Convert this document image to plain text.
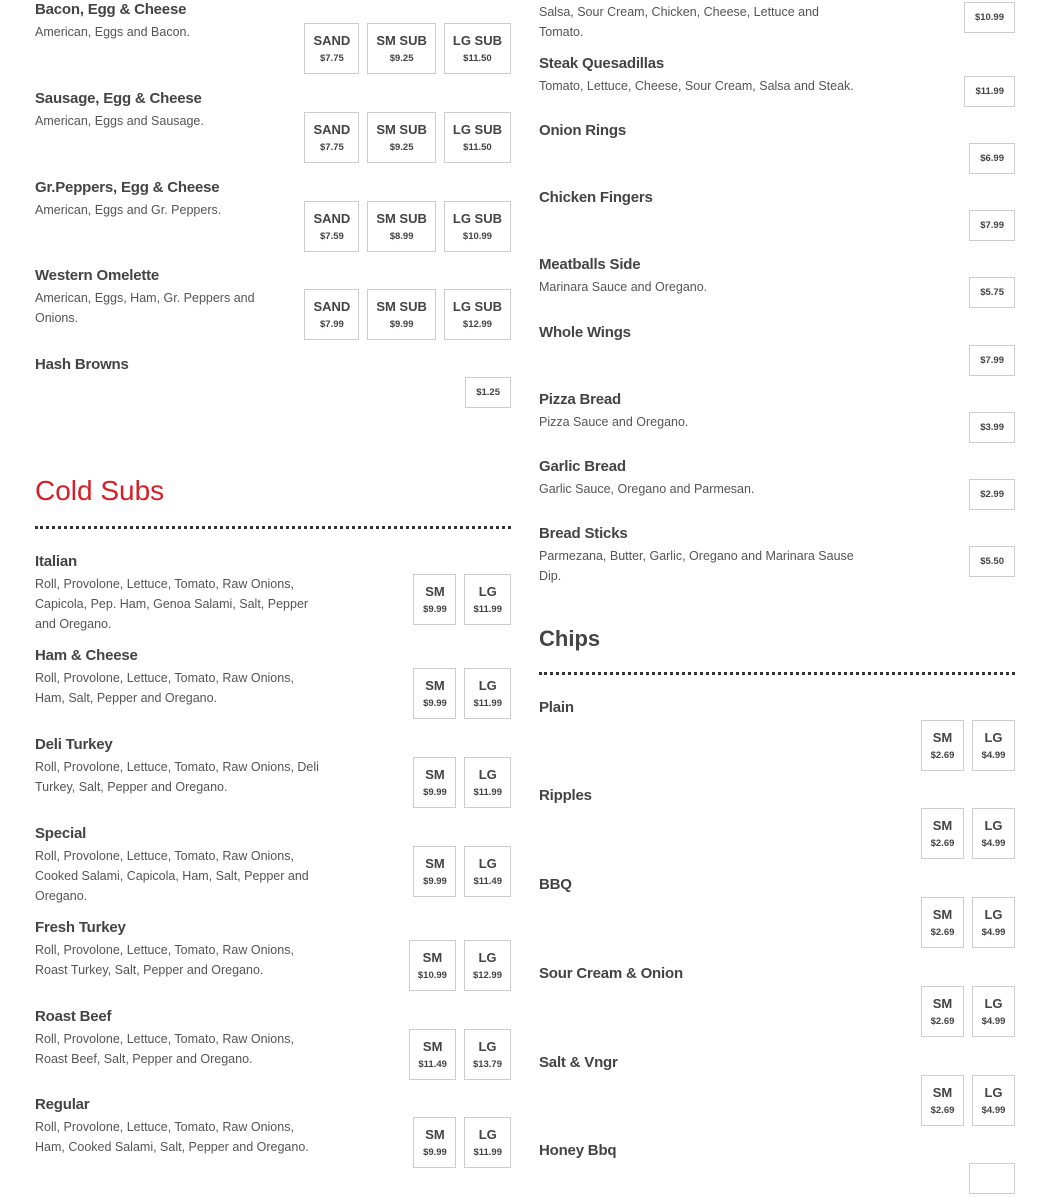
Bacon, Egg & Cheese
American, Eggs and Bacon.
SAND
$7.75
SM SUB
$9.25
LG SUB
$11.50
Sausage, Egg & Cheese
American, Eggs and Sausage.
SAND
$7.75
SM SUB
$9.25
LG SUB
$11.50
Gr.Peppers, Egg & Cheese
American, Eggs and Gr. Peppers.
SAND
$7.59
SM SUB
$8.99
LG SUB
$10.99
Western Omelette
American, Eggs, Ham, Gr. Peppers and Onions.
SAND
$7.99
SM SUB
$9.99
LG SUB
$12.99
Hash Browns
$1.25
Cold Subs
Italian
Roll, Provolone, Lettuce, Tomato, Raw Onions, Capicola, Pep. Ham, Genoa Salami, Salt, Pepper and Oregano.
SM
$9.99
LG
$11.99
Ham & Cheese
Roll, Provolone, Lettuce, Tomato, Raw Onions, Ham, Salt, Pepper and Oregano.
SM
$9.99
LG
$11.99
Deli Turkey
Roll, Provolone, Lettuce, Tomato, Raw Onions, Deli Turkey, Salt, Pepper and Oregano.
SM
$9.99
LG
$11.99
Special
Roll, Provolone, Lettuce, Tomato, Raw Onions, Cooked Salami, Capicola, Ham, Salt, Pepper and Oregano.
SM
$9.99
LG
$11.49
Fresh Turkey
Roll, Provolone, Lettuce, Tomato, Raw Onions, Roast Turkey, Salt, Pepper and Oregano.
SM
$10.99
LG
$12.99
Roast Beef
Roll, Provolone, Lettuce, Tomato, Raw Onions, Roast Beef, Salt, Pepper and Oregano.
SM
$11.49
LG
$13.79
Regular
Roll, Provolone, Lettuce, Tomato, Raw Onions, Ham, Cooked Salami, Salt, Pepper and Oregano.
SM
$9.99
LG
$11.99
Salsa, Sour Cream, Chicken, Cheese, Lettuce and Tomato.
$10.99
Steak Quesadillas
Tomato, Lettuce, Cheese, Sour Cream, Salsa and Steak.	$11.99
Onion Rings
$6.99
Chicken Fingers
$7.99
Meatballs Side
Marinara Sauce and Oregano.	$5.75
Whole Wings
$7.99
Pizza Bread
Pizza Sauce and Oregano.	$3.99
Garlic Bread
Garlic Sauce, Oregano and Parmesan.	$2.99
Bread Sticks
Parmezana, Butter, Garlic, Oregano and Marinara Sause Dip.
$5.50
Chips
Plain
SM
$2.69
LG
$4.99
Ripples
SM
$2.69
LG
$4.99
BBQ
SM
$2.69
LG
$4.99
Sour Cream & Onion
SM
$2.69
LG
$4.99
Salt & Vngr
SM
$2.69
LG
$4.99
Honey Bbq
